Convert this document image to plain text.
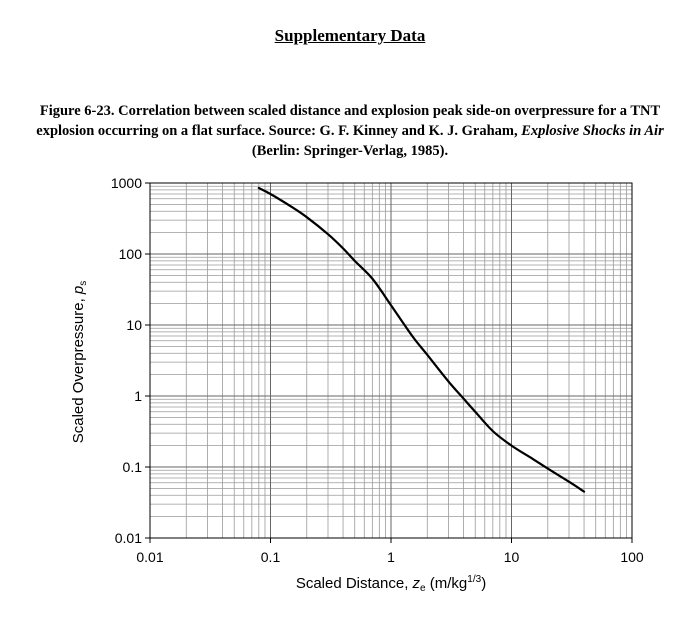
Supplementary Data
Figure 6-23. Correlation between scaled distance and explosion peak side-on overpressure for a TNT explosion occurring on a flat surface. Source: G. F. Kinney and K. J. Graham, Explosive Shocks in Air (Berlin: Springer-Verlag, 1985).
0.01	0.1	1	10	100
0.01
0.1
1
10
100
1000
Scaled Distance, $z_e$ $(m/kg^{1/3})$
Scaled Overpressure, $p_s$
